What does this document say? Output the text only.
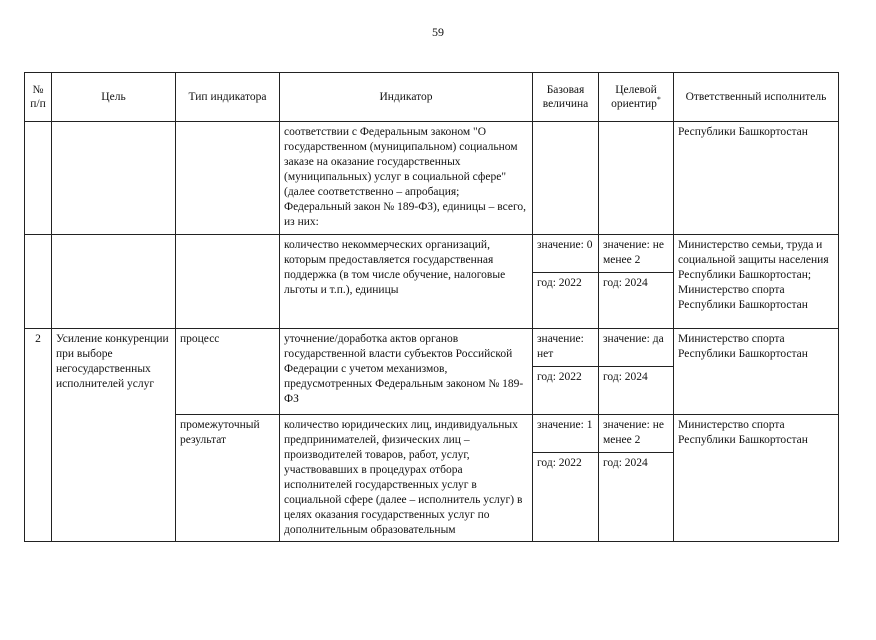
59
№ п/п	Цель	Тип индикатора	Индикатор	Базовая величина	Целевой ориентир*	Ответственный исполнитель
			соответствии с Федеральным законом "О государственном (муниципальном) социальном заказе на оказание государственных (муниципальных) услуг в социальной сфере" (далее соответственно – апробация; Федеральный закон № 189-ФЗ), единицы – всего, из них:			Республики Башкортостан
			количество некоммерческих организаций, которым предоставляется государственная поддержка (в том числе обучение, налоговые льготы и т.п.), единицы	значение: 0	значение: не менее 2	Министерство семьи, труда и социальной защиты населения Республики Башкортостан; Министерство спорта Республики Башкортостан
				год: 2022	год: 2024	
2	Усиление конкуренции при выборе негосударственных исполнителей услуг	процесс	уточнение/доработка актов органов государственной власти субъектов Российской Федерации с учетом механизмов, предусмотренных Федеральным законом № 189-ФЗ	значение: нет	значение: да	Министерство спорта Республики Башкортостан
				год: 2022	год: 2024	
		промежуточный результат	количество юридических лиц, индивидуальных предпринимателей, физических лиц – производителей товаров, работ, услуг, участвовавших в процедурах отбора исполнителей государственных услуг в социальной сфере (далее – исполнитель услуг) в целях оказания государственных услуг по дополнительным образовательным	значение: 1	значение: не менее 2	Министерство спорта Республики Башкортостан
				год: 2022	год: 2024	
